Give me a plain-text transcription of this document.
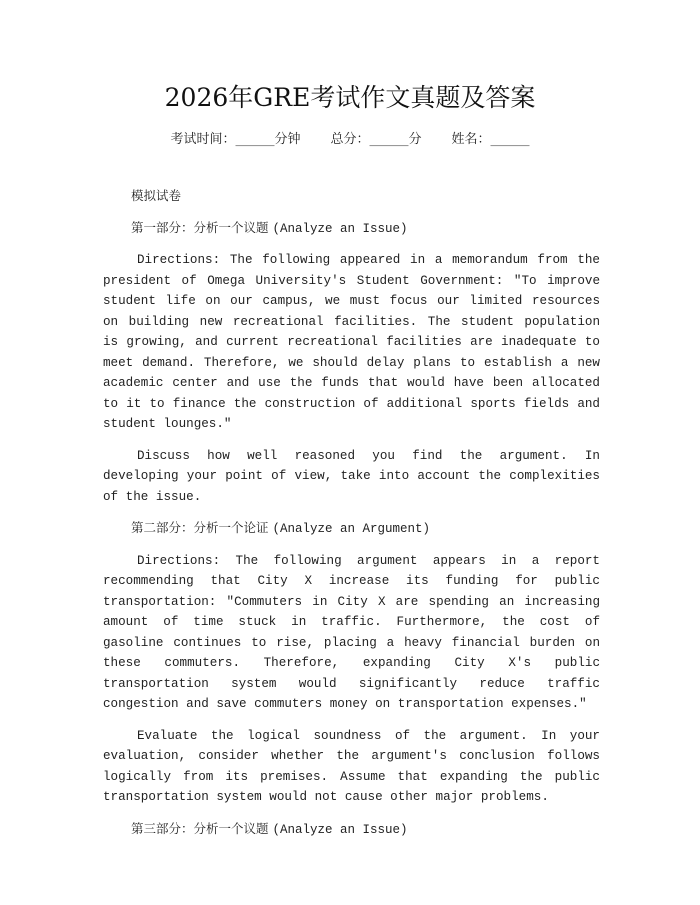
2026年GRE考试作文真题及答案
考试时间：______分钟 总分：______分 姓名：______
模拟试卷
第一部分：分析一个议题 (Analyze an Issue)

Directions: The following appeared in a memorandum from the president of Omega University's Student Government: "To improve student life on our campus, we must focus our limited resources on building new recreational facilities. The student population is growing, and current recreational facilities are inadequate to meet demand. Therefore, we should delay plans to establish a new academic center and use the funds that would have been allocated to it to finance the construction of additional sports fields and student lounges."

Discuss how well reasoned you find the argument. In developing your point of view, take into account the complexities of the issue.

第二部分：分析一个论证 (Analyze an Argument)

Directions: The following argument appears in a report recommending that City X increase its funding for public transportation: "Commuters in City X are spending an increasing amount of time stuck in traffic. Furthermore, the cost of gasoline continues to rise, placing a heavy financial burden on these commuters. Therefore, expanding City X's public transportation system would significantly reduce traffic congestion and save commuters money on transportation expenses."

Evaluate the logical soundness of the argument. In your evaluation, consider whether the argument's conclusion follows logically from its premises. Assume that expanding the public transportation system would not cause other major problems.

第三部分：分析一个议题 (Analyze an Issue)
